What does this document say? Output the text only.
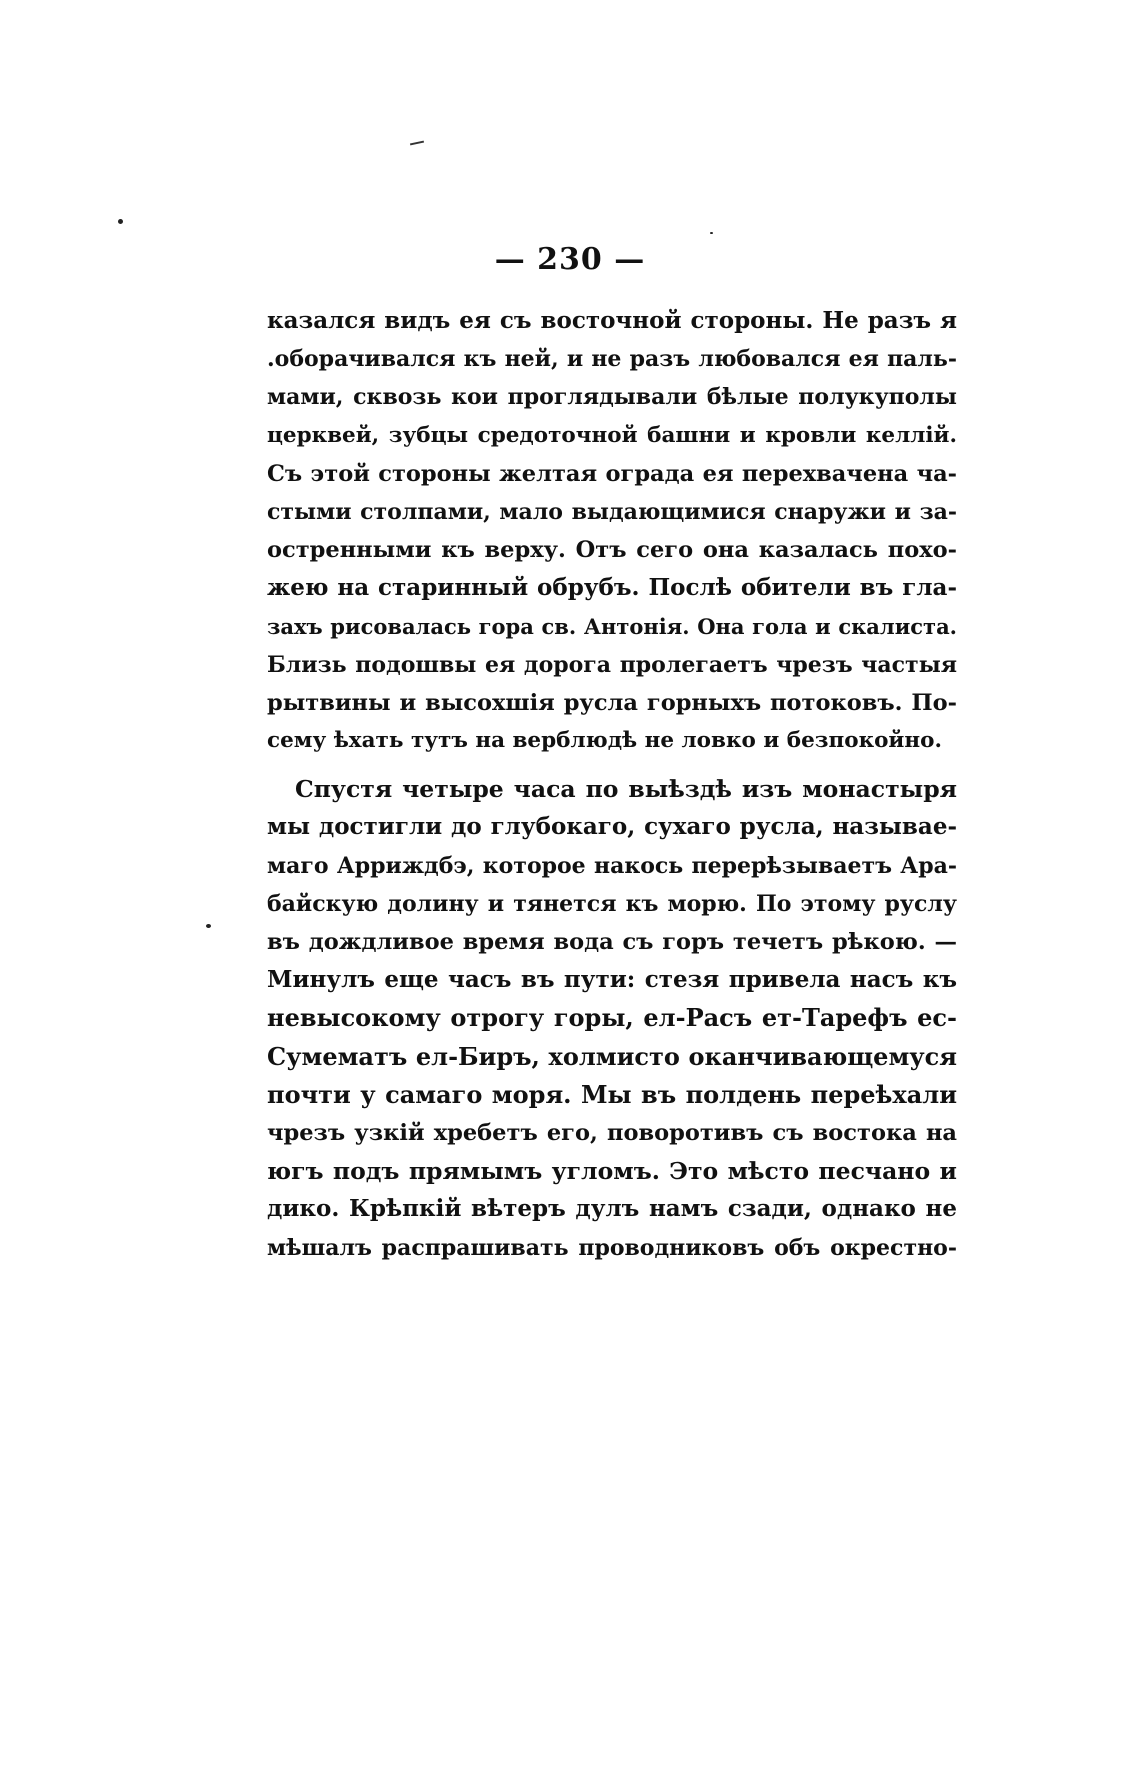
— 230 —
казался видъ ея съ восточной стороны. Не разъ я
.оборачивался къ ней, и не разъ любовался ея паль-
мами, сквозь кои проглядывали бѣлые полукуполы
церквей, зубцы средоточной башни и кровли келлій.
Съ этой стороны желтая ограда ея перехвачена ча-
стыми столпами, мало выдающимися снаружи и за-
остренными къ верху. Отъ сего она казалась похо-
жею на старинный обрубъ. Послѣ обители въ гла-
захъ рисовалась гора св. Антонія. Она гола и скалиста.
Близь подошвы ея дорога пролегаетъ чрезъ частыя
рытвины и высохшія русла горныхъ потоковъ. По-
сему ѣхать тутъ на верблюдѣ не ловко и безпокойно.
Спустя четыре часа по выѣздѣ изъ монастыря
мы достигли до глубокаго, сухаго русла, называе-
маго Арриждбэ, которое накось перерѣзываетъ Ара-
байскую долину и тянется къ морю. По этому руслу
въ дождливое время вода съ горъ течетъ рѣкою. —
Минулъ еще часъ въ пути: стезя привела насъ къ
невысокому отрогу горы, ел-Расъ ет-Тарефъ ес-
Сумематъ ел-Биръ, холмисто оканчивающемуся
почти у самаго моря. Мы въ полдень переѣхали
чрезъ узкій хребетъ его, поворотивъ съ востока на
югъ подъ прямымъ угломъ. Это мѣсто песчано и
дико. Крѣпкій вѣтеръ дулъ намъ сзади, однако не
мѣшалъ распрашивать проводниковъ объ окрестно-
